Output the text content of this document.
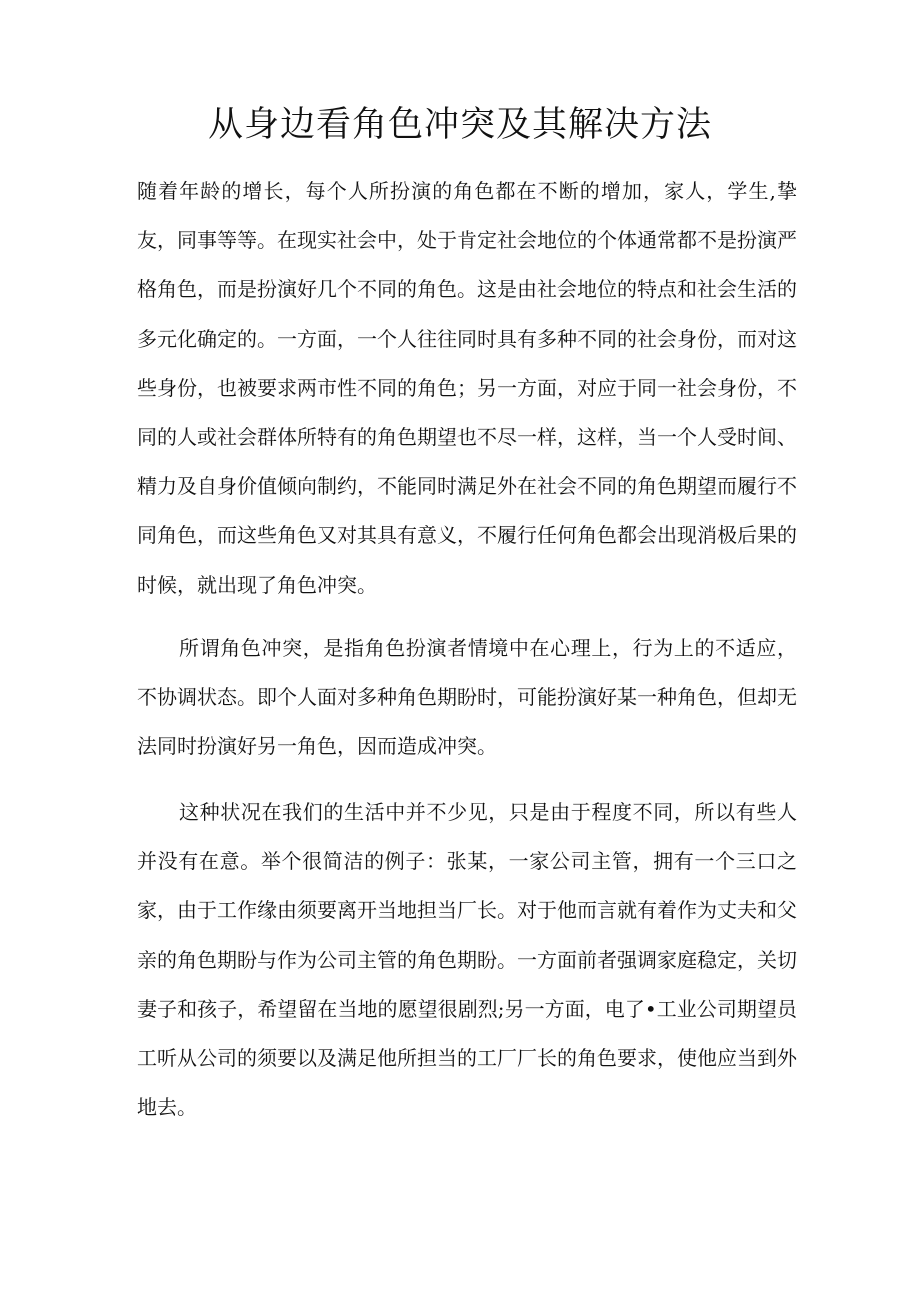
从身边看角色冲突及其解决方法

随着年龄的增长，每个人所扮演的角色都在不断的增加，家人，学生,挚友，同事等等。在现实社会中，处于肯定社会地位的个体通常都不是扮演严格角色，而是扮演好几个不同的角色。这是由社会地位的特点和社会生活的多元化确定的。一方面，一个人往往同时具有多种不同的社会身份，而对这些身份，也被要求两市性不同的角色；另一方面，对应于同一社会身份，不同的人或社会群体所特有的角色期望也不尽一样，这样，当一个人受时间、精力及自身价值倾向制约，不能同时满足外在社会不同的角色期望而履行不同角色，而这些角色又对其具有意义，不履行任何角色都会出现消极后果的时候，就出现了角色冲突。

所谓角色冲突，是指角色扮演者情境中在心理上，行为上的不适应，不协调状态。即个人面对多种角色期盼时，可能扮演好某一种角色，但却无法同时扮演好另一角色，因而造成冲突。

这种状况在我们的生活中并不少见，只是由于程度不同，所以有些人并没有在意。举个很简洁的例子：张某，一家公司主管，拥有一个三口之家，由于工作缘由须要离开当地担当厂长。对于他而言就有着作为丈夫和父亲的角色期盼与作为公司主管的角色期盼。一方面前者强调家庭稳定，关切妻子和孩子，希望留在当地的愿望很剧烈;另一方面，电了•工业公司期望员工听从公司的须要以及满足他所担当的工厂厂长的角色要求，使他应当到外地去。
